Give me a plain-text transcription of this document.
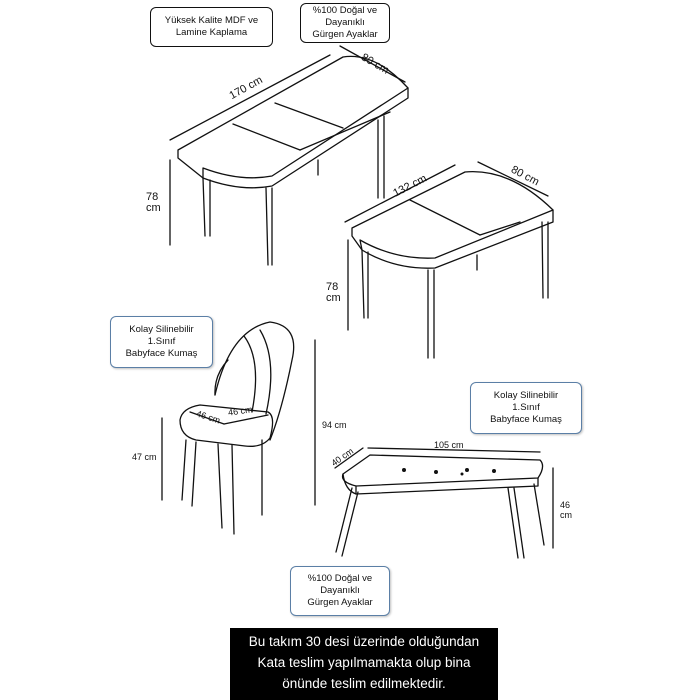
Yüksek Kalite MDF ve
Lamine Kaplama
%100 Doğal ve
Dayanıklı
Gürgen Ayaklar
Kolay Silinebilir
1.Sınıf
Babyface Kumaş
Kolay Silinebilir
1.Sınıf
Babyface Kumaş
%100 Doğal ve
Dayanıklı
Gürgen Ayaklar
170 cm
80 cm
78
cm
132 cm	80 cm
78
cm
46 cm 46 cm
47 cm
94 cm
40 cm
105 cm
46
cm
Bu takım 30 desi üzerinde olduğundan
Kata teslim yapılmamakta olup bina
önünde teslim edilmektedir.
